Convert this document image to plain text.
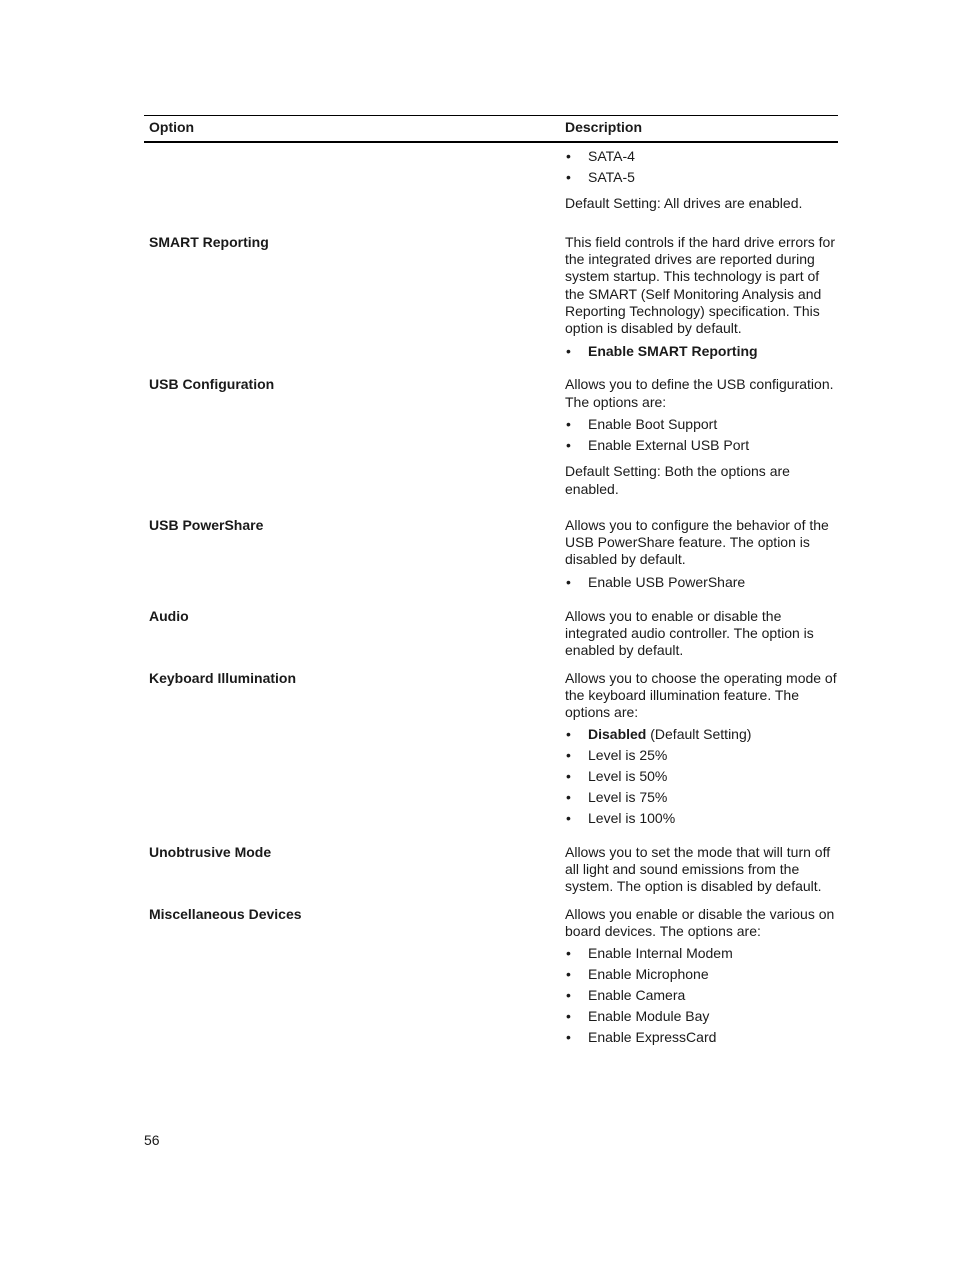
Option	Description
• SATA-4
• SATA-5

Default Setting: All drives are enabled.

SMART Reporting	This field controls if the hard drive errors for the integrated drives are reported during system startup. This technology is part of the SMART (Self Monitoring Analysis and Reporting Technology) specification. This option is disabled by default.

• Enable SMART Reporting
USB Configuration	Allows you to define the USB configuration. The options are:

• Enable Boot Support
• Enable External USB Port

Default Setting: Both the options are enabled.

USB PowerShare	Allows you to configure the behavior of the USB PowerShare feature. The option is disabled by default.

• Enable USB PowerShare
Audio	Allows you to enable or disable the integrated audio controller. The option is enabled by default.

Keyboard Illumination	Allows you to choose the operating mode of the keyboard illumination feature. The options are:

• Disabled (Default Setting)
• Level is 25%
• Level is 50%
• Level is 75%
• Level is 100%
Unobtrusive Mode	Allows you to set the mode that will turn off all light and sound emissions from the system. The option is disabled by default.

Miscellaneous Devices	Allows you enable or disable the various on board devices. The options are:

• Enable Internal Modem
• Enable Microphone
• Enable Camera
• Enable Module Bay
• Enable ExpressCard
56
